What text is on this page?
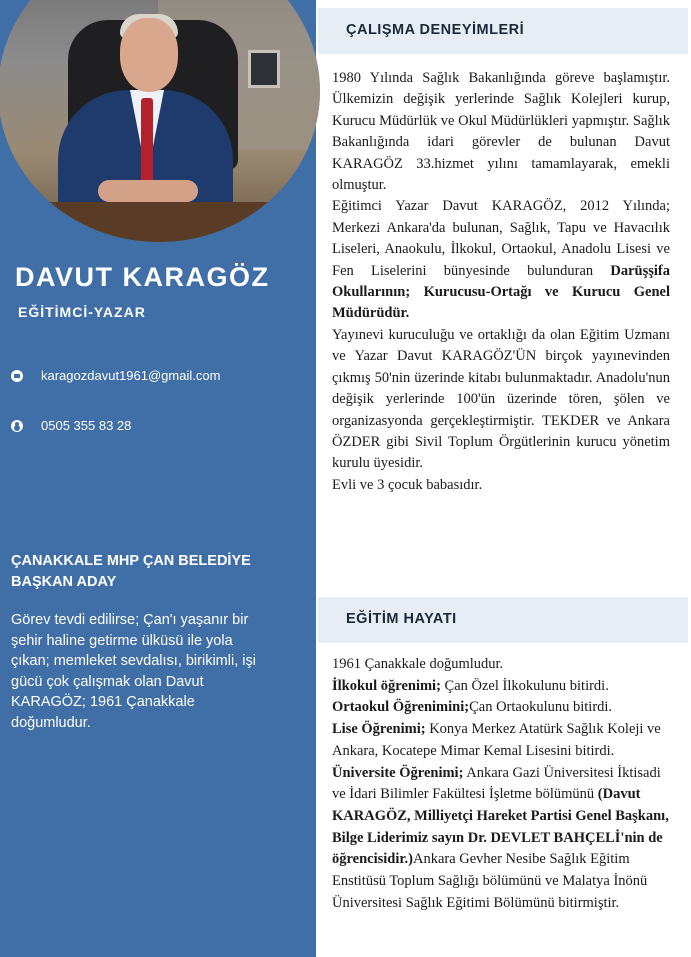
DAVUT KARAGÖZ
EĞİTİMCİ-YAZAR
karagozdavut1961@gmail.com
0505 355 83 28
ÇANAKKALE MHP ÇAN BELEDİYE BAŞKAN ADAY
Görev tevdi edilirse; Çan'ı yaşanır bir şehir haline getirme ülküsü ile yola çıkan; memleket sevdalısı, birikimli, işi gücü çok çalışmak olan Davut KARAGÖZ; 1961 Çanakkale doğumludur.
ÇALIŞMA DENEYİMLERİ

1980 Yılında Sağlık Bakanlığında göreve başlamıştır. Ülkemizin değişik yerlerinde Sağlık Kolejleri kurup, Kurucu Müdürlük ve Okul Müdürlükleri yapmıştır. Sağlık Bakanlığında idari görevler de bulunan Davut KARAGÖZ 33.hizmet yılını tamamlayarak, emekli olmuştur.

Eğitimci Yazar Davut KARAGÖZ, 2012 Yılında; Merkezi Ankara'da bulunan, Sağlık, Tapu ve Havacılık Liseleri, Anaokulu, İlkokul, Ortaokul, Anadolu Lisesi ve Fen Liselerini bünyesinde bulunduran Darüşşifa Okullarının; Kurucusu-Ortağı ve Kurucu Genel Müdürüdür.

Yayınevi kuruculuğu ve ortaklığı da olan Eğitim Uzmanı ve Yazar Davut KARAGÖZ'ÜN birçok yayınevinden çıkmış 50'nin üzerinde kitabı bulunmaktadır. Anadolu'nun değişik yerlerinde 100'ün üzerinde tören, şölen ve organizasyonda gerçekleştirmiştir. TEKDER ve Ankara ÖZDER gibi Sivil Toplum Örgütlerinin kurucu yönetim kurulu üyesidir.

Evli ve 3 çocuk babasıdır.

EĞİTİM HAYATI

1961 Çanakkale doğumludur.

İlkokul öğrenimi; Çan Özel İlkokulunu bitirdi.

Ortaokul Öğrenimini;Çan Ortaokulunu bitirdi.

Lise Öğrenimi; Konya Merkez Atatürk Sağlık Koleji ve Ankara, Kocatepe Mimar Kemal Lisesini bitirdi.

Üniversite Öğrenimi; Ankara Gazi Üniversitesi İktisadi ve İdari Bilimler Fakültesi İşletme bölümünü (Davut KARAGÖZ, Milliyetçi Hareket Partisi Genel Başkanı, Bilge Liderimiz sayın Dr. DEVLET BAHÇELİ'nin de öğrencisidir.)Ankara Gevher Nesibe Sağlık Eğitim Enstitüsü Toplum Sağlığı bölümünü ve Malatya İnönü Üniversitesi Sağlık Eğitimi Bölümünü bitirmiştir.
